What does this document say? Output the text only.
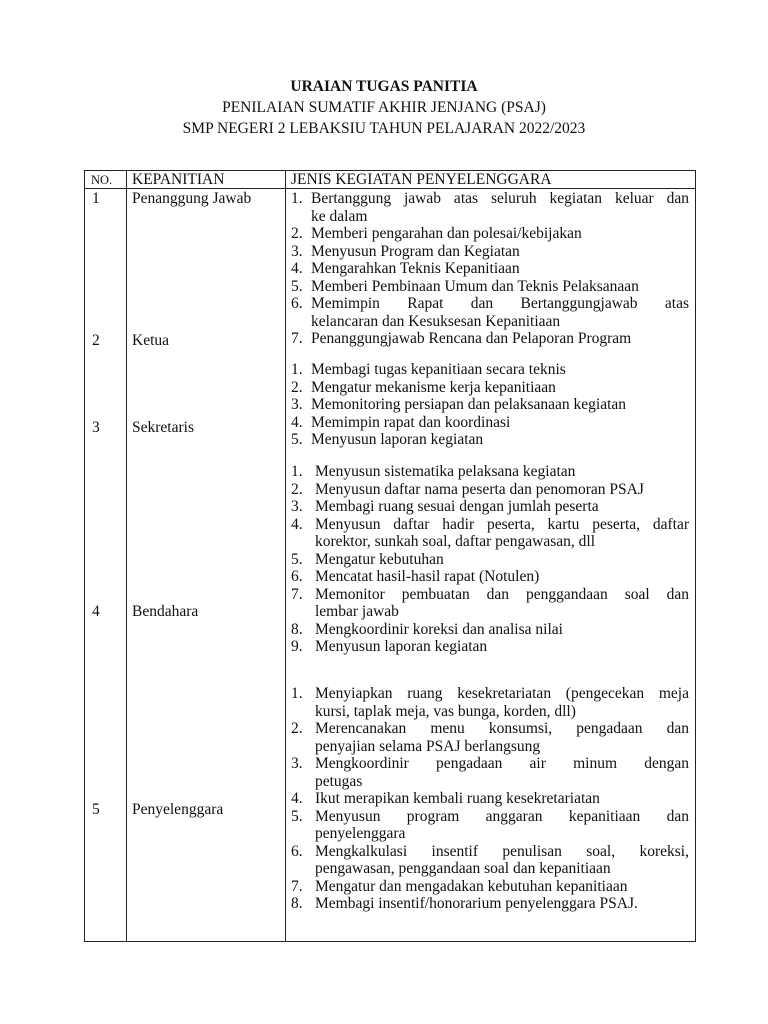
URAIAN TUGAS PANITIA
PENILAIAN SUMATIF AKHIR JENJANG (PSAJ)
SMP NEGERI 2 LEBAKSIU TAHUN PELAJARAN 2022/2023
NO. KEPANITIAN	JENIS KEGIATAN PENYELENGGARA
1 Penanggung Jawab
2 Ketua
3 Sekretaris
4 Bendahara
5 Penyelenggara
1. Bertanggung jawab atas seluruh kegiatan keluar dan
ke dalam
2. Memberi pengarahan dan polesai/kebijakan
3. Menyusun Program dan Kegiatan
4. Mengarahkan Teknis Kepanitiaan
5. Memberi Pembinaan Umum dan Teknis Pelaksanaan
6. Memimpin Rapat dan Bertanggungjawab atas
kelancaran dan Kesuksesan Kepanitiaan
7. Penanggungjawab Rencana dan Pelaporan Program
1. Membagi tugas kepanitiaan secara teknis
2. Mengatur mekanisme kerja kepanitiaan
3. Memonitoring persiapan dan pelaksanaan kegiatan
4. Memimpin rapat dan koordinasi
5. Menyusun laporan kegiatan
1. Menyusun sistematika pelaksana kegiatan
2. Menyusun daftar nama peserta dan penomoran PSAJ
3. Membagi ruang sesuai dengan jumlah peserta
4. Menyusun daftar hadir peserta, kartu peserta, daftar
korektor, sunkah soal, daftar pengawasan, dll
5. Mengatur kebutuhan
6. Mencatat hasil-hasil rapat (Notulen)
7. Memonitor pembuatan dan penggandaan soal dan
lembar jawab
8. Mengkoordinir koreksi dan analisa nilai
9. Menyusun laporan kegiatan
1. Menyiapkan ruang kesekretariatan (pengecekan meja
kursi, taplak meja, vas bunga, korden, dll)
2. Merencanakan menu konsumsi, pengadaan dan
penyajian selama PSAJ berlangsung
3. Mengkoordinir pengadaan air minum dengan
petugas
4. Ikut merapikan kembali ruang kesekretariatan
5. Menyusun program anggaran kepanitiaan dan
penyelenggara
6. Mengkalkulasi insentif penulisan soal, koreksi,
pengawasan, penggandaan soal dan kepanitiaan
7. Mengatur dan mengadakan kebutuhan kepanitiaan
8. Membagi insentif/honorarium penyelenggara PSAJ.
